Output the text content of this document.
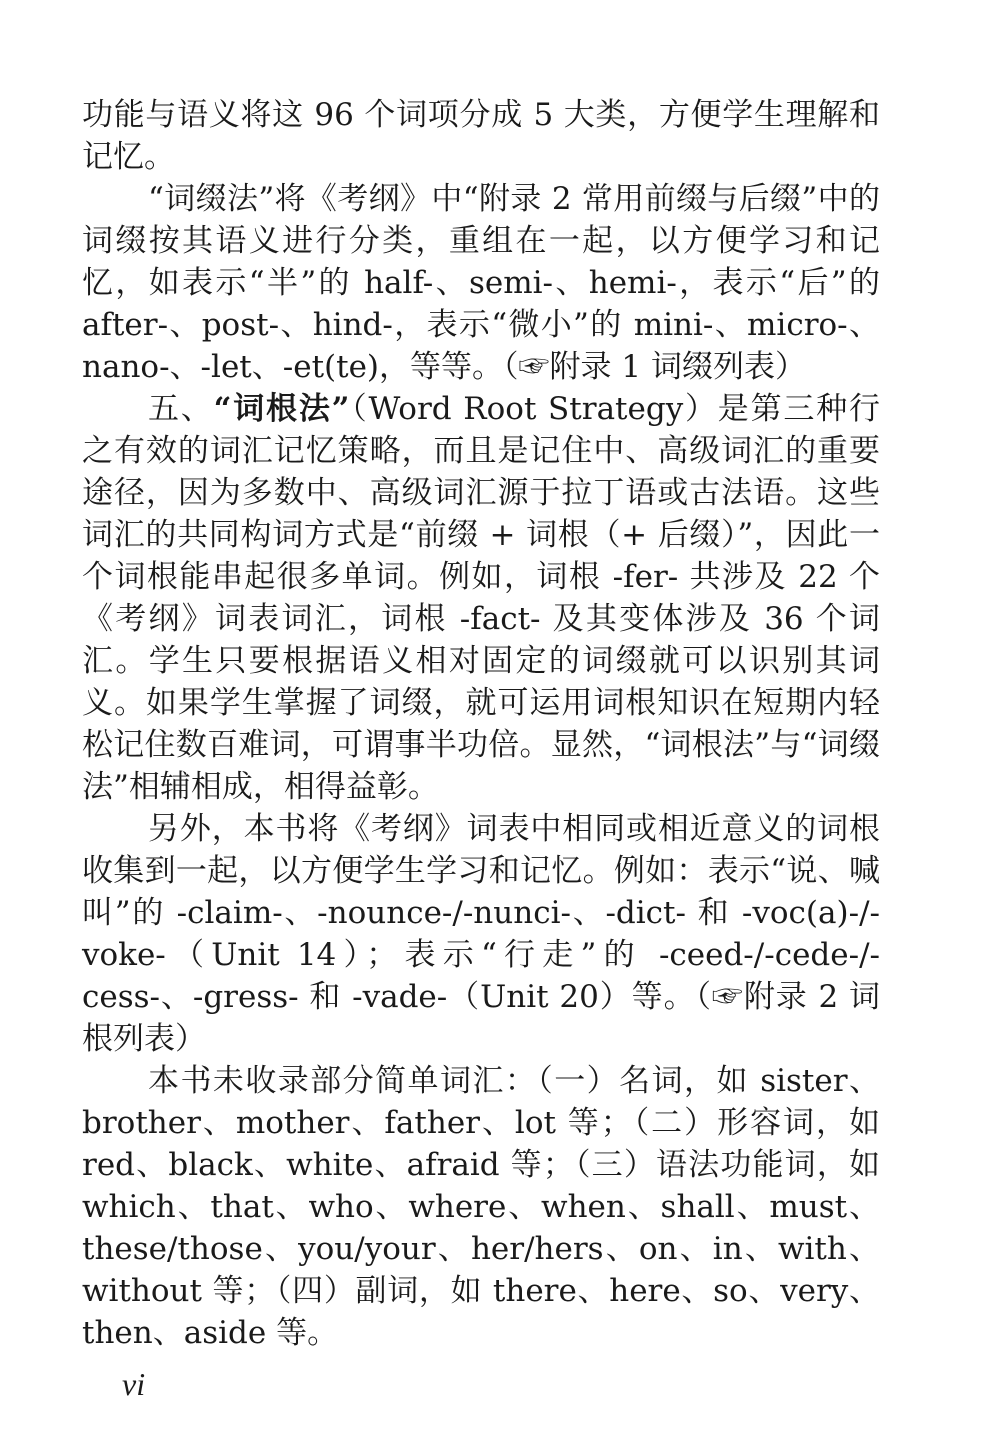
功能与语义将这 96 个词项分成 5 大类，方便学生理解和记忆。

“词缀法”将《考纲》中“附录 2 常用前缀与后缀”中的词缀按其语义进行分类，重组在一起，以方便学习和记忆，如表示“半”的 half-、semi-、hemi-，表示“后”的 after-、post-、hind-，表示“微小”的 mini-、micro-、nano-、-let、-et(te)，等等。（☞附录 1 词缀列表）

五、“词根法”（Word Root Strategy）是第三种行之有效的词汇记忆策略，而且是记住中、高级词汇的重要途径，因为多数中、高级词汇源于拉丁语或古法语。这些词汇的共同构词方式是“前缀 + 词根（+ 后缀）”，因此一个词根能串起很多单词。例如，词根 -fer- 共涉及 22 个《考纲》词表词汇，词根 -fact- 及其变体涉及 36 个词汇。学生只要根据语义相对固定的词缀就可以识别其词义。如果学生掌握了词缀，就可运用词根知识在短期内轻松记住数百难词，可谓事半功倍。显然，“词根法”与“词缀法”相辅相成，相得益彰。

另外，本书将《考纲》词表中相同或相近意义的词根收集到一起，以方便学生学习和记忆。例如：表示“说、喊叫”的 -claim-、-nounce-/-nunci-、-dict- 和 -voc(a)-/-voke-（Unit 14）；表示“行走”的 -ceed-/-cede-/-cess-、-gress- 和 -vade-（Unit 20）等。（☞附录 2 词根列表）

本书未收录部分简单词汇：（一）名词，如 sister、brother、mother、father、lot 等；（二）形容词，如 red、black、white、afraid 等；（三）语法功能词，如 which、that、who、where、when、shall、must、these/those、you/your、her/hers、on、in、with、without 等；（四）副词，如 there、here、so、very、then、aside 等。

vi
